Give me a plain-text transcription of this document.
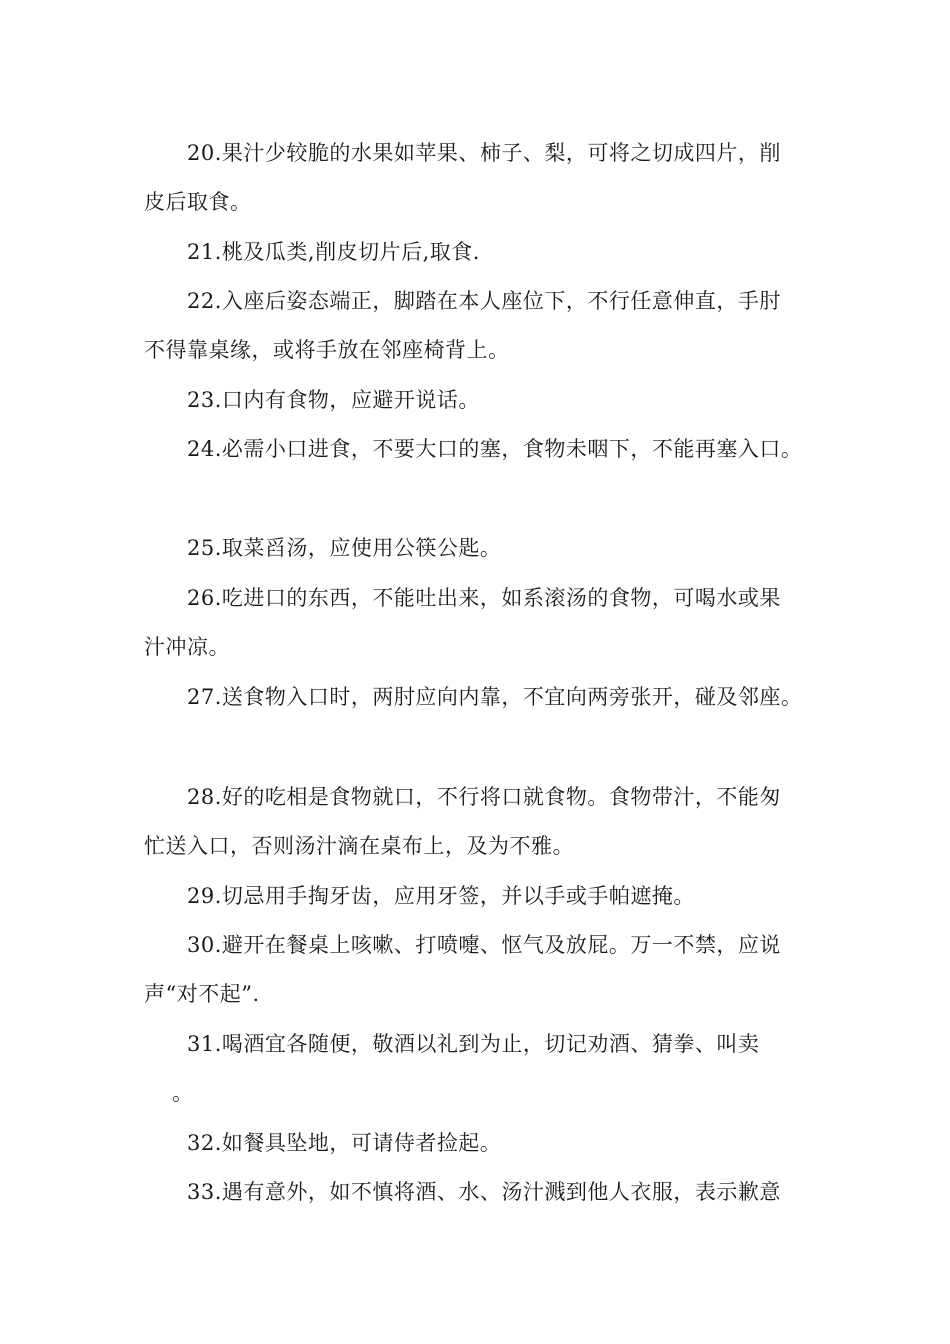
20.果汁少较脆的水果如苹果、柿子、梨，可将之切成四片，削
皮后取食。
21.桃及瓜类,削皮切片后,取食.
22.入座后姿态端正，脚踏在本人座位下，不行任意伸直，手肘
不得靠桌缘，或将手放在邻座椅背上。
23.口内有食物，应避开说话。
24.必需小口进食，不要大口的塞，食物未咽下，不能再塞入口。
25.取菜舀汤，应使用公筷公匙。
26.吃进口的东西，不能吐出来，如系滚汤的食物，可喝水或果
汁冲凉。
27.送食物入口时，两肘应向内靠，不宜向两旁张开，碰及邻座。
28.好的吃相是食物就口，不行将口就食物。食物带汁，不能匆
忙送入口，否则汤汁滴在桌布上，及为不雅。
29.切忌用手掏牙齿，应用牙签，并以手或手帕遮掩。
30.避开在餐桌上咳嗽、打喷嚏、怄气及放屁。万一不禁，应说
声“对不起”.
31.喝酒宜各随便，敬酒以礼到为止，切记劝酒、猜拳、叫卖
。
32.如餐具坠地，可请侍者捡起。
33.遇有意外，如不慎将酒、水、汤汁溅到他人衣服，表示歉意
